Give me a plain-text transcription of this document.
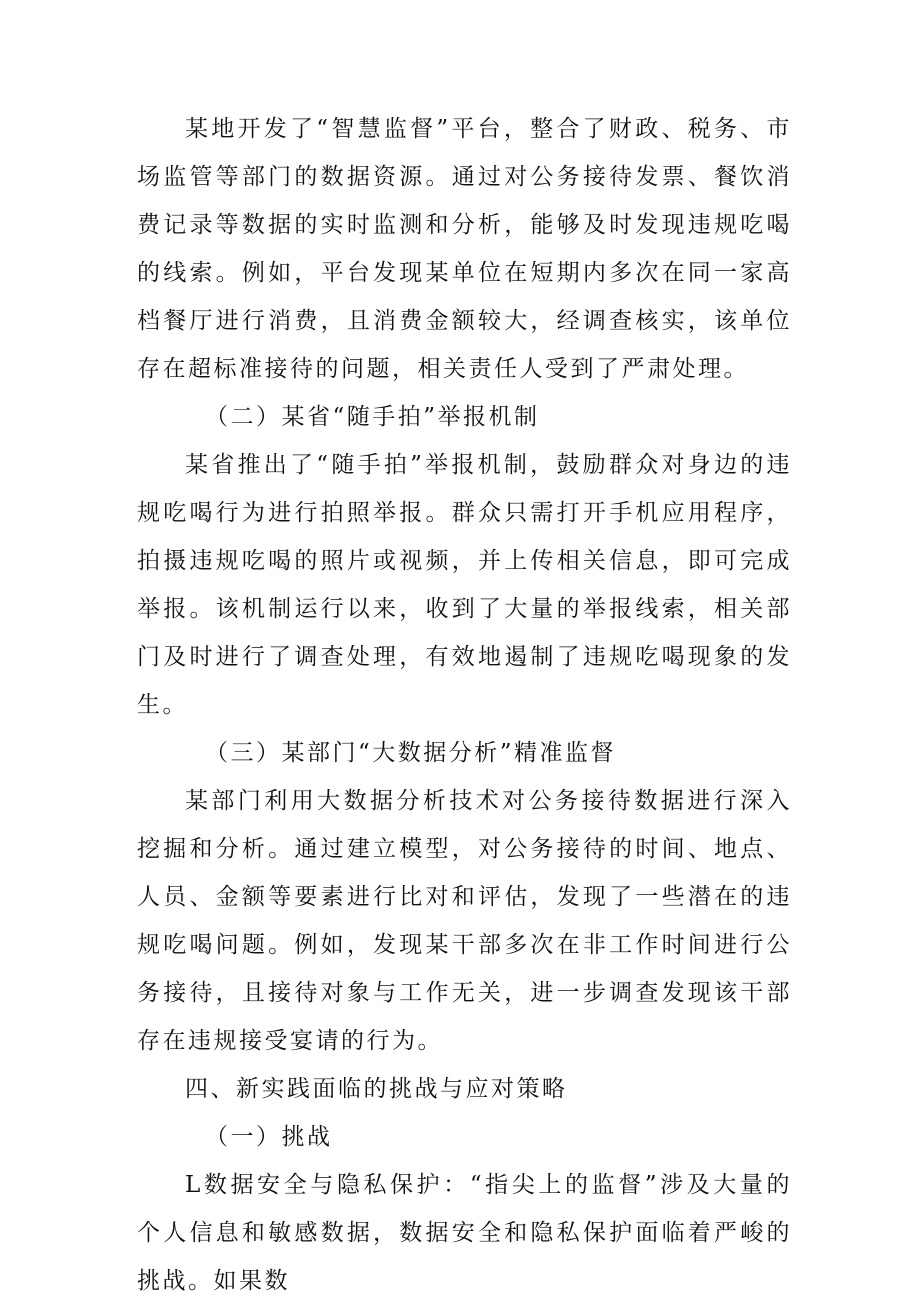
某地开发了“智慧监督”平台，整合了财政、税务、市场监管等部门的数据资源。通过对公务接待发票、餐饮消费记录等数据的实时监测和分析，能够及时发现违规吃喝的线索。例如，平台发现某单位在短期内多次在同一家高档餐厅进行消费，且消费金额较大，经调查核实，该单位存在超标准接待的问题，相关责任人受到了严肃处理。

（二）某省“随手拍”举报机制

某省推出了“随手拍”举报机制，鼓励群众对身边的违规吃喝行为进行拍照举报。群众只需打开手机应用程序，拍摄违规吃喝的照片或视频，并上传相关信息，即可完成举报。该机制运行以来，收到了大量的举报线索，相关部门及时进行了调查处理，有效地遏制了违规吃喝现象的发生。

（三）某部门“大数据分析”精准监督

某部门利用大数据分析技术对公务接待数据进行深入挖掘和分析。通过建立模型，对公务接待的时间、地点、人员、金额等要素进行比对和评估，发现了一些潜在的违规吃喝问题。例如，发现某干部多次在非工作时间进行公务接待，且接待对象与工作无关，进一步调查发现该干部存在违规接受宴请的行为。

四、新实践面临的挑战与应对策略

（一）挑战

L数据安全与隐私保护：“指尖上的监督”涉及大量的个人信息和敏感数据，数据安全和隐私保护面临着严峻的挑战。如果数
